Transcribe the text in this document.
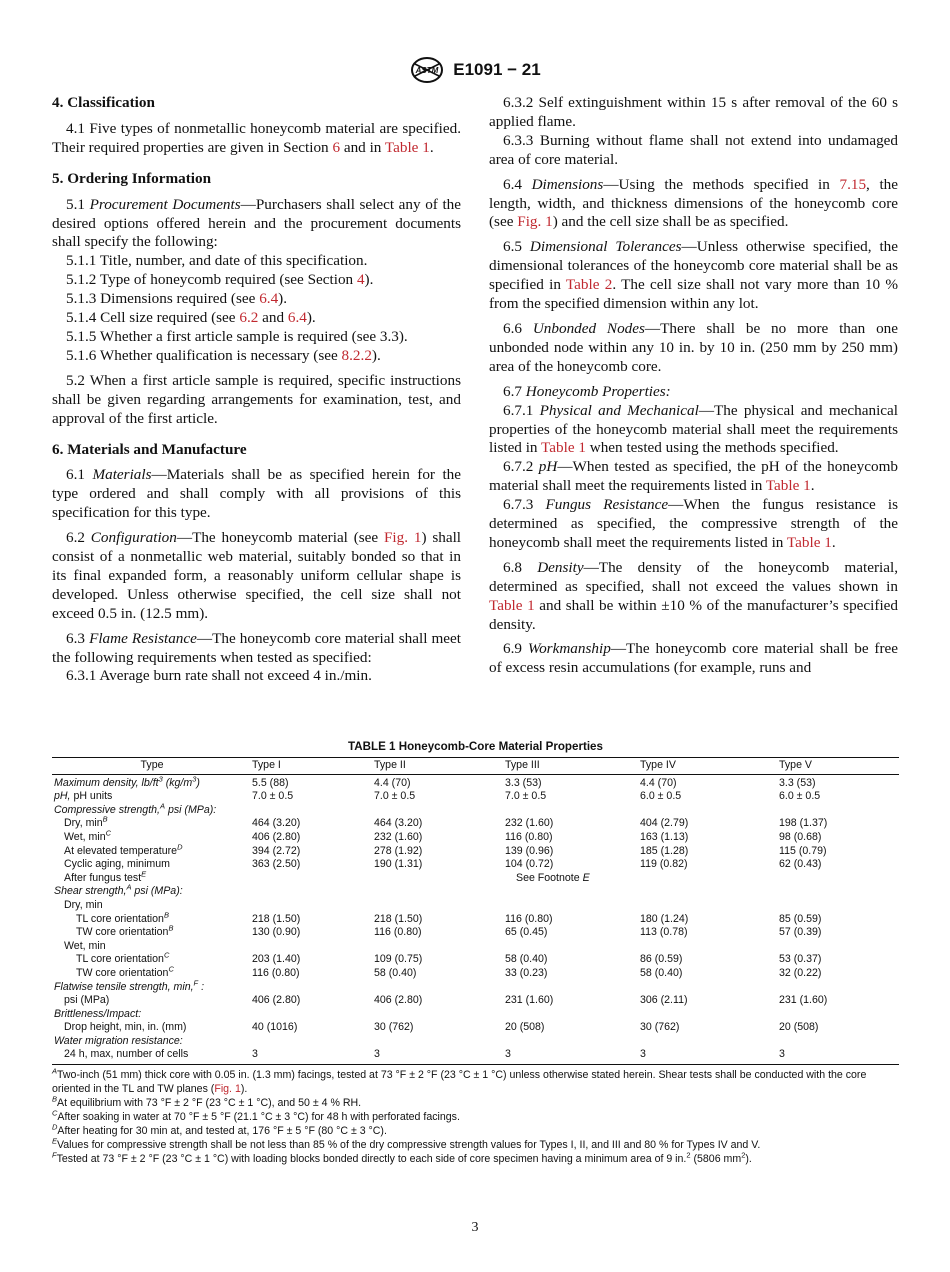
ASTM E1091 − 21
4. Classification

4.1 Five types of nonmetallic honeycomb material are specified. Their required properties are given in Section 6 and in Table 1.

5. Ordering Information

5.1 Procurement Documents—Purchasers shall select any of the desired options offered herein and the procurement documents shall specify the following:

5.1.1 Title, number, and date of this specification.

5.1.2 Type of honeycomb required (see Section 4).

5.1.3 Dimensions required (see 6.4).

5.1.4 Cell size required (see 6.2 and 6.4).

5.1.5 Whether a first article sample is required (see 3.3).

5.1.6 Whether qualification is necessary (see 8.2.2).

5.2 When a first article sample is required, specific instructions shall be given regarding arrangements for examination, test, and approval of the first article.

6. Materials and Manufacture

6.1 Materials—Materials shall be as specified herein for the type ordered and shall comply with all provisions of this specification for this type.

6.2 Configuration—The honeycomb material (see Fig. 1) shall consist of a nonmetallic web material, suitably bonded so that in its final expanded form, a reasonably uniform cellular shape is developed. Unless otherwise specified, the cell size shall not exceed 0.5 in. (12.5 mm).

6.3 Flame Resistance—The honeycomb core material shall meet the following requirements when tested as specified:

6.3.1 Average burn rate shall not exceed 4 in./min.

6.3.2 Self extinguishment within 15 s after removal of the 60 s applied flame.

6.3.3 Burning without flame shall not extend into undamaged area of core material.

6.4 Dimensions—Using the methods specified in 7.15, the length, width, and thickness dimensions of the honeycomb core (see Fig. 1) and the cell size shall be as specified.

6.5 Dimensional Tolerances—Unless otherwise specified, the dimensional tolerances of the honeycomb core material shall be as specified in Table 2. The cell size shall not vary more than 10 % from the specified dimension within any lot.

6.6 Unbonded Nodes—There shall be no more than one unbonded node within any 10 in. by 10 in. (250 mm by 250 mm) area of the honeycomb core.

6.7 Honeycomb Properties:

6.7.1 Physical and Mechanical—The physical and mechanical properties of the honeycomb material shall meet the requirements listed in Table 1 when tested using the methods specified.

6.7.2 pH—When tested as specified, the pH of the honeycomb material shall meet the requirements listed in Table 1.

6.7.3 Fungus Resistance—When the fungus resistance is determined as specified, the compressive strength of the honeycomb shall meet the requirements listed in Table 1.

6.8 Density—The density of the honeycomb material, determined as specified, shall not exceed the values shown in Table 1 and shall be within ±10 % of the manufacturer’s specified density.

6.9 Workmanship—The honeycomb core material shall be free of excess resin accumulations (for example, runs and

TABLE 1 Honeycomb-Core Material Properties
Type	Type I	Type II	Type III	Type IV	Type V
Maximum density, $lb/ft^3$ $(kg/m^3)$	5.5 (88)	4.4 (70)	3.3 (53)	4.4 (70)	3.3 (53)
pH, pH units	7.0 ± 0.5	7.0 ± 0.5	7.0 ± 0.5	6.0 ± 0.5	6.0 ± 0.5
Compressive strength,$^A$ psi (MPa):					
Dry, $\min^B$	464 (3.20)	464 (3.20)	232 (1.60)	404 (2.79)	198 (1.37)
Wet, $\min^C$	406 (2.80)	232 (1.60)	116 (0.80)	163 (1.13)	98 (0.68)
At elevated temperature$^D$	394 (2.72)	278 (1.92)	139 (0.96)	185 (1.28)	115 (0.79)
Cyclic aging, minimum	363 (2.50)	190 (1.31)	104 (0.72)	119 (0.82)	62 (0.43)
After fungus test$^E$			See Footnote E		
Shear strength,$^A$ psi (MPa):					
Dry, min					
TL core orientation$^B$	218 (1.50)	218 (1.50)	116 (0.80)	180 (1.24)	85 (0.59)
TW core orientation$^B$	130 (0.90)	116 (0.80)	65 (0.45)	113 (0.78)	57 (0.39)
Wet, min					
TL core orientation$^C$	203 (1.40)	109 (0.75)	58 (0.40)	86 (0.59)	53 (0.37)
TW core orientation$^C$	116 (0.80)	58 (0.40)	33 (0.23)	58 (0.40)	32 (0.22)
Flatwise tensile strength, min,$^F$ :					
psi (MPa)	406 (2.80)	406 (2.80)	231 (1.60)	306 (2.11)	231 (1.60)
Brittleness/Impact:					
Drop height, min, in. (mm)	40 (1016)	30 (762)	20 (508)	30 (762)	20 (508)
Water migration resistance:					
24 h, max, number of cells	3	3	3	3	3
$^A$Two-inch (51 mm) thick core with 0.05 in. (1.3 mm) facings, tested at 73 °F ± 2 °F (23 °C ± 1 °C) unless otherwise stated herein. Shear tests shall be conducted with the core oriented in the TL and TW planes (Fig. 1).
$^B$At equilibrium with 73 °F ± 2 °F (23 °C ± 1 °C), and 50 ± 4 % RH.
$^C$After soaking in water at 70 °F ± 5 °F (21.1 °C ± 3 °C) for 48 h with perforated facings.
$^D$After heating for 30 min at, and tested at, 176 °F ± 5 °F (80 °C ± 3 °C).
$^E$Values for compressive strength shall be not less than 85 % of the dry compressive strength values for Types I, II, and III and 80 % for Types IV and V.
$^F$Tested at 73 °F ± 2 °F (23 °C ± 1 °C) with loading blocks bonded directly to each side of core specimen having a minimum area of 9 in.$^2$ (5806 $mm^2$).
3
